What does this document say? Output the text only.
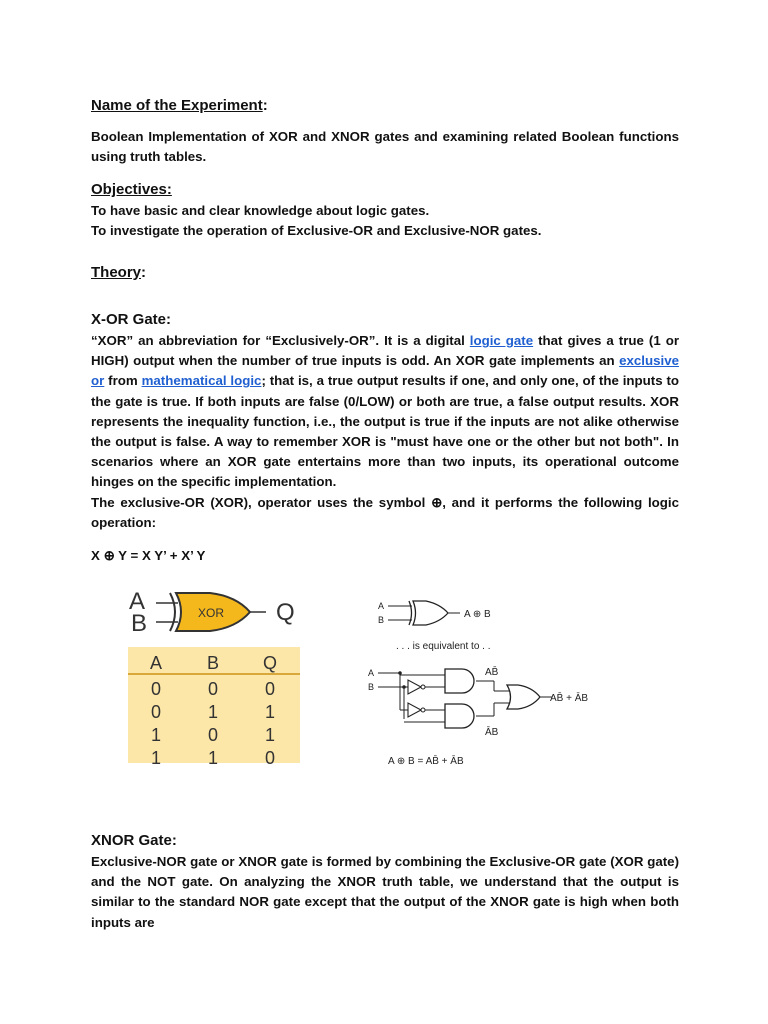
Name of the Experiment:
Boolean Implementation of XOR and XNOR gates and examining related Boolean functions using truth tables.
Objectives:
To have basic and clear knowledge about logic gates.
To investigate the operation of Exclusive-OR and Exclusive-NOR gates.
Theory:
X-OR Gate:
“XOR” an abbreviation for “Exclusively-OR”. It is a digital logic gate that gives a true (1 or HIGH) output when the number of true inputs is odd. An XOR gate implements an exclusive or from mathematical logic; that is, a true output results if one, and only one, of the inputs to the gate is true. If both inputs are false (0/LOW) or both are true, a false output results. XOR represents the inequality function, i.e., the output is true if the inputs are not alike otherwise the output is false. A way to remember XOR is "must have one or the other but not both". In scenarios where an XOR gate entertains more than two inputs, its operational outcome hinges on the specific implementation.
The exclusive-OR (XOR), operator uses the symbol ⊕, and it performs the following logic operation:
X ⊕ Y = X Y’ + X’ Y
XNOR Gate:
Exclusive-NOR gate or XNOR gate is formed by combining the Exclusive-OR gate (XOR gate) and the NOT gate. On analyzing the XNOR truth table, we understand that the output is similar to the standard NOR gate except that the output of the XNOR gate is high when both inputs are
A
B	XOR Q
A B Q
0	0	0
0	1	1
1	0	1
1	1	0
A
B	A ⊕ B
. . . is equivalent to . .
A
B
AB̄
ĀB
AB̄ + ĀB
A ⊕ B = AB̄ + ĀB
